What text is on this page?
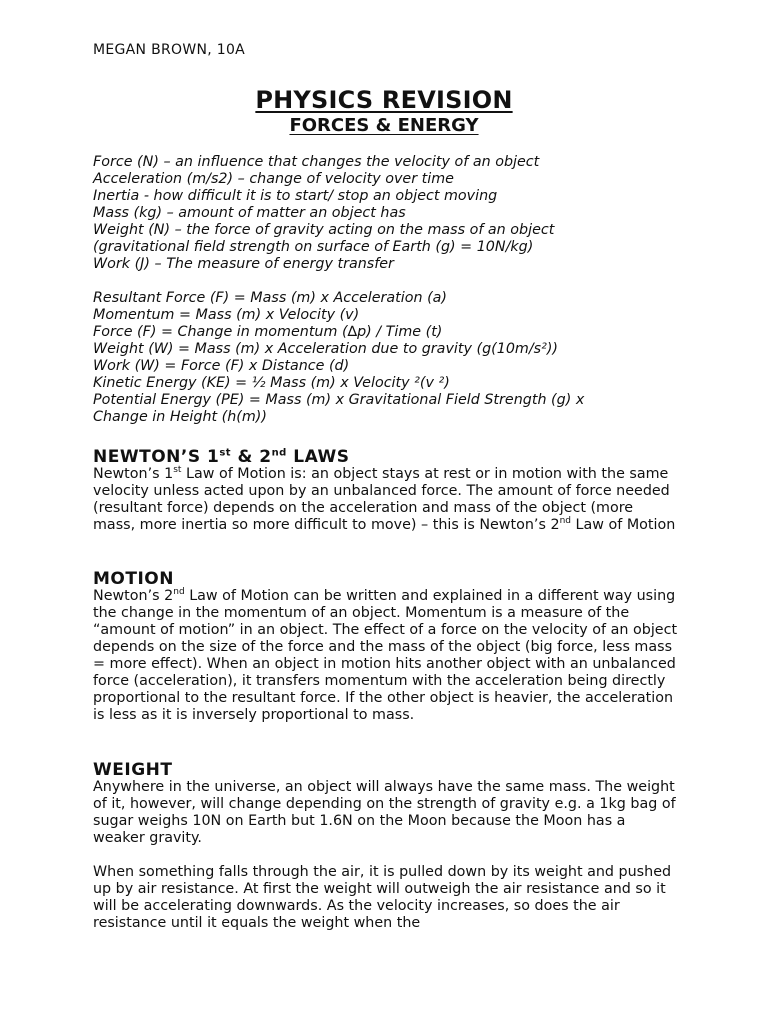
MEGAN BROWN, 10A

PHYSICS REVISION
FORCES & ENERGY
Force (N) – an influence that changes the velocity of an object
Acceleration (m/s2) – change of velocity over time
Inertia - how difficult it is to start/ stop an object moving
Mass (kg) – amount of matter an object has
Weight (N) – the force of gravity acting on the mass of an object
(gravitational field strength on surface of Earth (g) = 10N/kg)
Work (J) – The measure of energy transfer
Resultant Force (F) = Mass (m) x Acceleration (a)
Momentum = Mass (m) x Velocity (v)
Force (F) = Change in momentum (∆p) / Time (t)
Weight (W) = Mass (m) x Acceleration due to gravity (g(10m/s²))
Work (W) = Force (F) x Distance (d)
Kinetic Energy (KE) = ½ Mass (m) x Velocity ²(v ²)
Potential Energy (PE) = Mass (m) x Gravitational Field Strength (g) x
Change in Height (h(m))
NEWTON’S 1st & 2nd LAWS

Newton’s 1st Law of Motion is: an object stays at rest or in motion with the same velocity unless acted upon by an unbalanced force. The amount of force needed (resultant force) depends on the acceleration and mass of the object (more mass, more inertia so more difficult to move) – this is Newton’s 2nd Law of Motion

MOTION

Newton’s 2nd Law of Motion can be written and explained in a different way using the change in the momentum of an object. Momentum is a measure of the “amount of motion” in an object. The effect of a force on the velocity of an object depends on the size of the force and the mass of the object (big force, less mass = more effect). When an object in motion hits another object with an unbalanced force (acceleration), it transfers momentum with the acceleration being directly proportional to the resultant force. If the other object is heavier, the acceleration is less as it is inversely proportional to mass.

WEIGHT

Anywhere in the universe, an object will always have the same mass. The weight of it, however, will change depending on the strength of gravity e.g. a 1kg bag of sugar weighs 10N on Earth but 1.6N on the Moon because the Moon has a weaker gravity.

When something falls through the air, it is pulled down by its weight and pushed up by air resistance. At first the weight will outweigh the air resistance and so it will be accelerating downwards. As the velocity increases, so does the air resistance until it equals the weight when the
